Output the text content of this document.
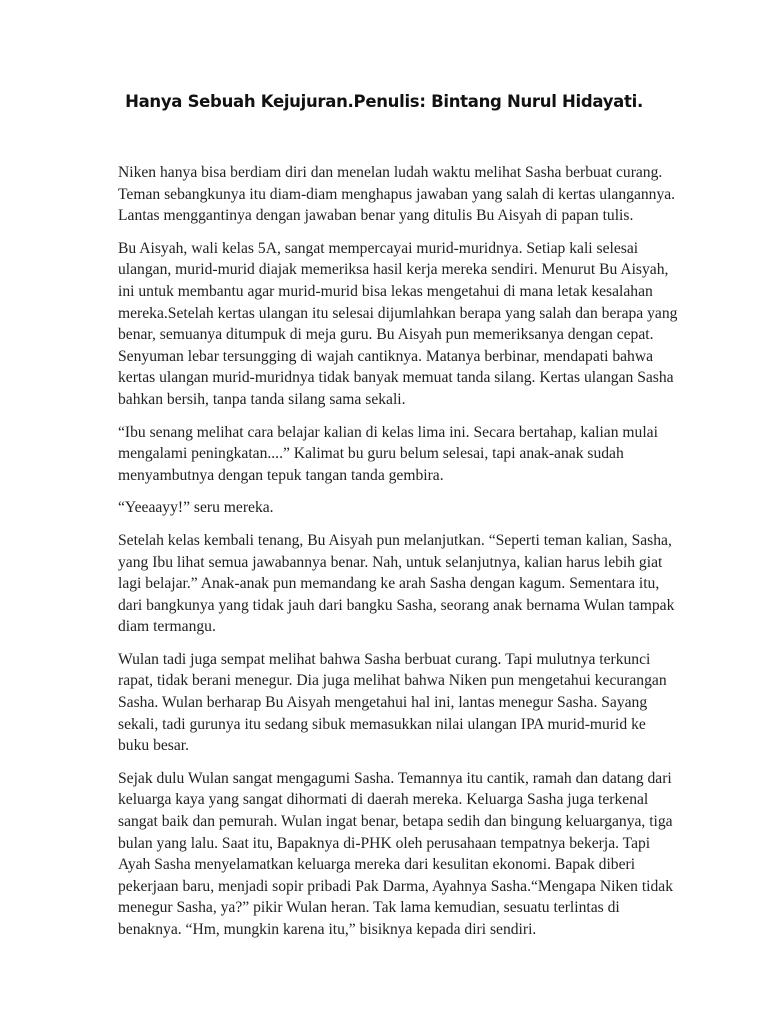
Hanya Sebuah Kejujuran.Penulis: Bintang Nurul Hidayati.

Niken hanya bisa berdiam diri dan menelan ludah waktu melihat Sasha berbuat curang. Teman sebangkunya itu diam-diam menghapus jawaban yang salah di kertas ulangannya. Lantas menggantinya dengan jawaban benar yang ditulis Bu Aisyah di papan tulis.

Bu Aisyah, wali kelas 5A, sangat mempercayai murid-muridnya. Setiap kali selesai ulangan, murid-murid diajak memeriksa hasil kerja mereka sendiri. Menurut Bu Aisyah, ini untuk membantu agar murid-murid bisa lekas mengetahui di mana letak kesalahan mereka.Setelah kertas ulangan itu selesai dijumlahkan berapa yang salah dan berapa yang benar, semuanya ditumpuk di meja guru. Bu Aisyah pun memeriksanya dengan cepat. Senyuman lebar tersungging di wajah cantiknya. Matanya berbinar, mendapati bahwa kertas ulangan murid-muridnya tidak banyak memuat tanda silang. Kertas ulangan Sasha bahkan bersih, tanpa tanda silang sama sekali.

“Ibu senang melihat cara belajar kalian di kelas lima ini. Secara bertahap, kalian mulai mengalami peningkatan....” Kalimat bu guru belum selesai, tapi anak-anak sudah menyambutnya dengan tepuk tangan tanda gembira.

“Yeeaayy!” seru mereka.

Setelah kelas kembali tenang, Bu Aisyah pun melanjutkan. “Seperti teman kalian, Sasha, yang Ibu lihat semua jawabannya benar. Nah, untuk selanjutnya, kalian harus lebih giat lagi belajar.” Anak-anak pun memandang ke arah Sasha dengan kagum. Sementara itu, dari bangkunya yang tidak jauh dari bangku Sasha, seorang anak bernama Wulan tampak diam termangu.

Wulan tadi juga sempat melihat bahwa Sasha berbuat curang. Tapi mulutnya terkunci rapat, tidak berani menegur. Dia juga melihat bahwa Niken pun mengetahui kecurangan Sasha. Wulan berharap Bu Aisyah mengetahui hal ini, lantas menegur Sasha. Sayang sekali, tadi gurunya itu sedang sibuk memasukkan nilai ulangan IPA murid-murid ke buku besar.

Sejak dulu Wulan sangat mengagumi Sasha. Temannya itu cantik, ramah dan datang dari keluarga kaya yang sangat dihormati di daerah mereka. Keluarga Sasha juga terkenal sangat baik dan pemurah. Wulan ingat benar, betapa sedih dan bingung keluarganya, tiga bulan yang lalu. Saat itu, Bapaknya di-PHK oleh perusahaan tempatnya bekerja. Tapi Ayah Sasha menyelamatkan keluarga mereka dari kesulitan ekonomi. Bapak diberi pekerjaan baru, menjadi sopir pribadi Pak Darma, Ayahnya Sasha.“Mengapa Niken tidak menegur Sasha, ya?” pikir Wulan heran. Tak lama kemudian, sesuatu terlintas di benaknya. “Hm, mungkin karena itu,” bisiknya kepada diri sendiri.
